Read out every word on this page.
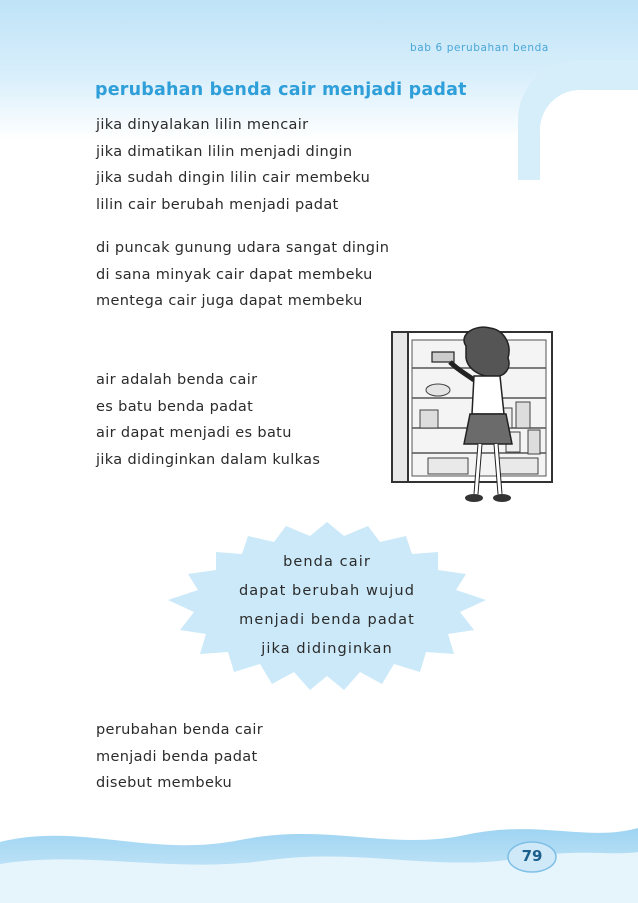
bab 6 perubahan benda
perubahan benda cair menjadi padat
jika dinyalakan lilin mencair
jika dimatikan lilin menjadi dingin
jika sudah dingin lilin cair membeku
lilin cair berubah menjadi padat
di puncak gunung udara sangat dingin
di sana minyak cair dapat membeku
mentega cair juga dapat membeku
air adalah benda cair
es batu benda padat
air dapat menjadi es batu
jika didinginkan dalam kulkas
benda cair
dapat berubah wujud
menjadi benda padat
jika didinginkan
perubahan benda cair
menjadi benda padat
disebut membeku
79
